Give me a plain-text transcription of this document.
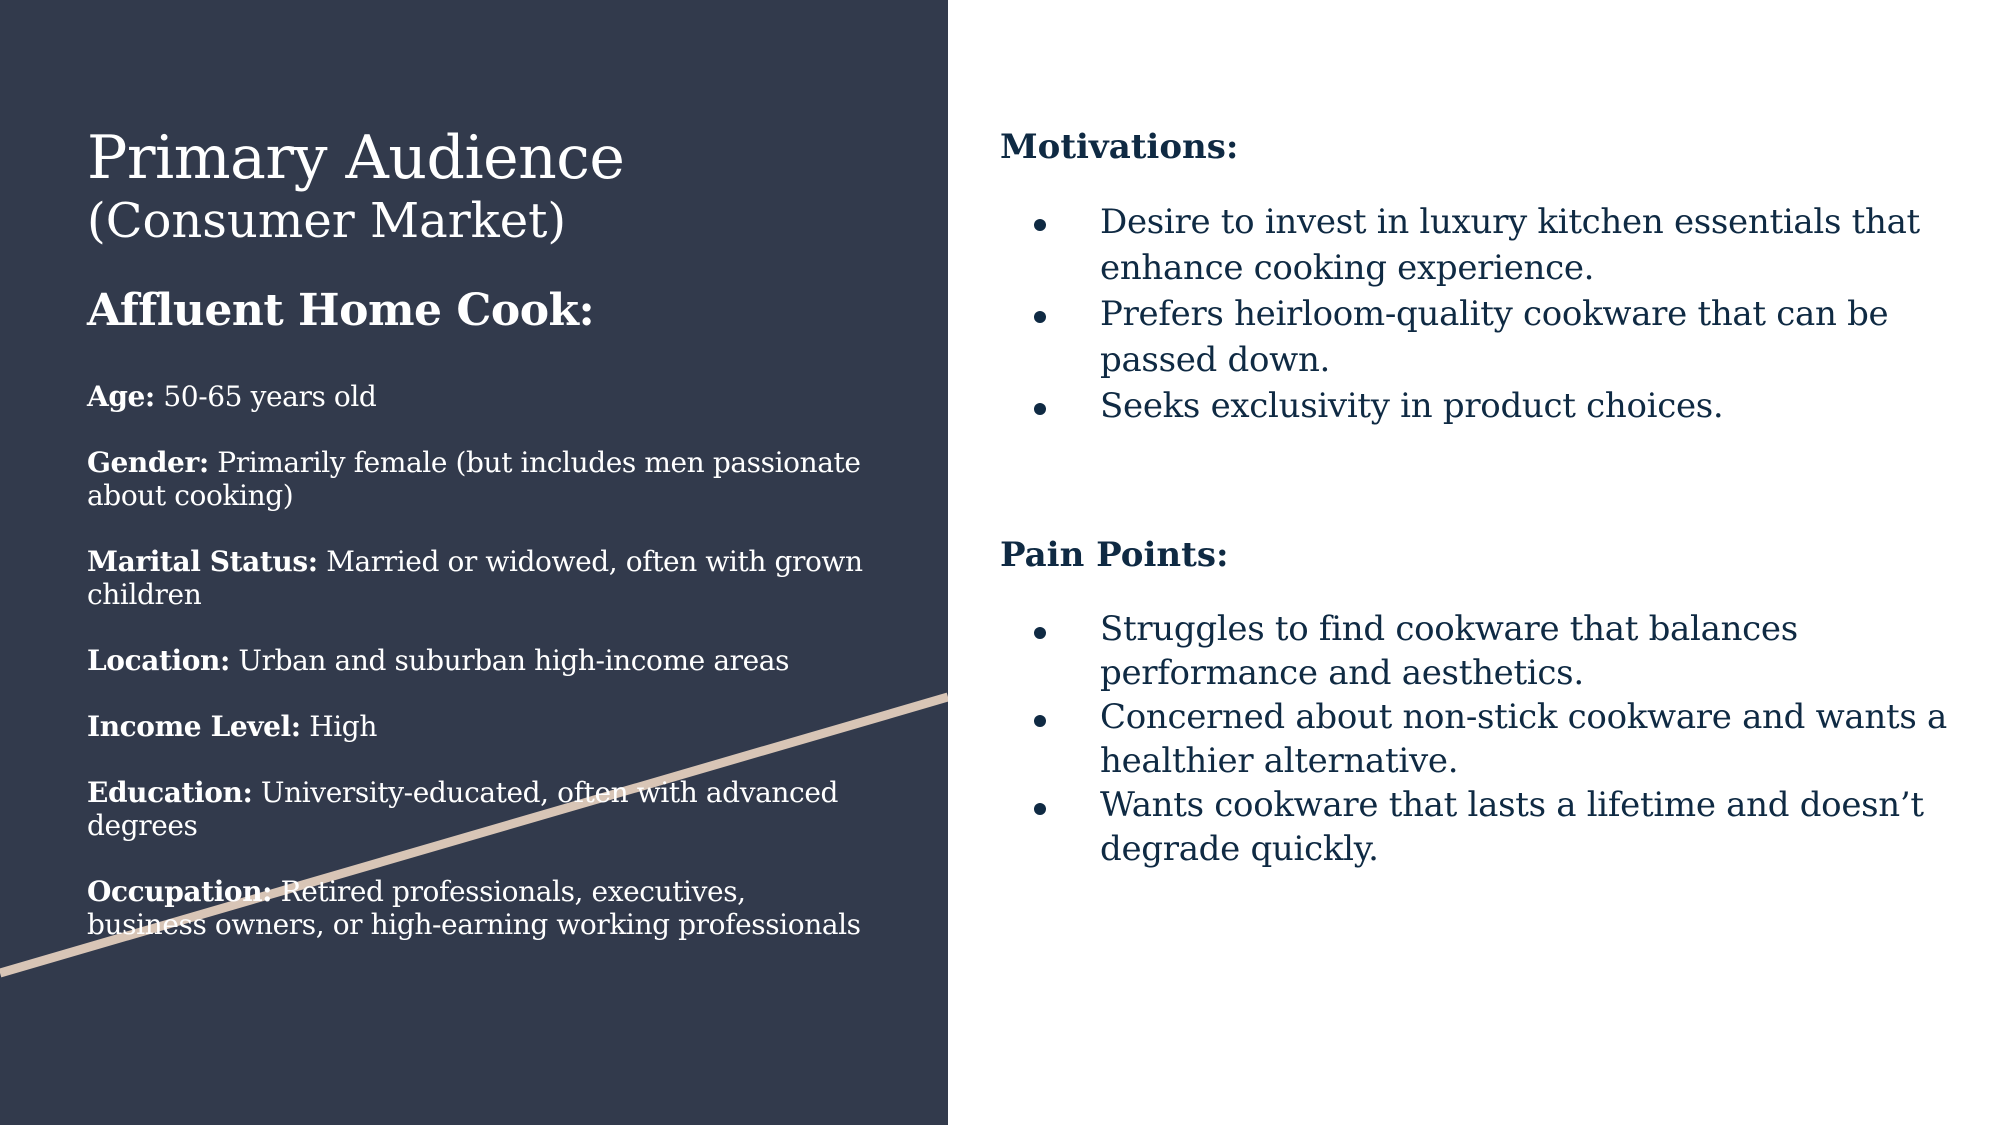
Primary Audience
(Consumer Market)
Affluent Home Cook:
Age: 50-65 years old
Gender: Primarily female (but includes men passionate about cooking)
Marital Status: Married or widowed, often with grown children
Location: Urban and suburban high-income areas
Income Level: High
Education: University-educated, often with advanced degrees
Occupation: Retired professionals, executives, business owners, or high-earning working professionals
Motivations:
Desire to invest in luxury kitchen essentials that enhance cooking experience.
Prefers heirloom-quality cookware that can be passed down.
Seeks exclusivity in product choices.
Pain Points:
Struggles to find cookware that balances performance and aesthetics.
Concerned about non-stick cookware and wants a healthier alternative.
Wants cookware that lasts a lifetime and doesn’t degrade quickly.
